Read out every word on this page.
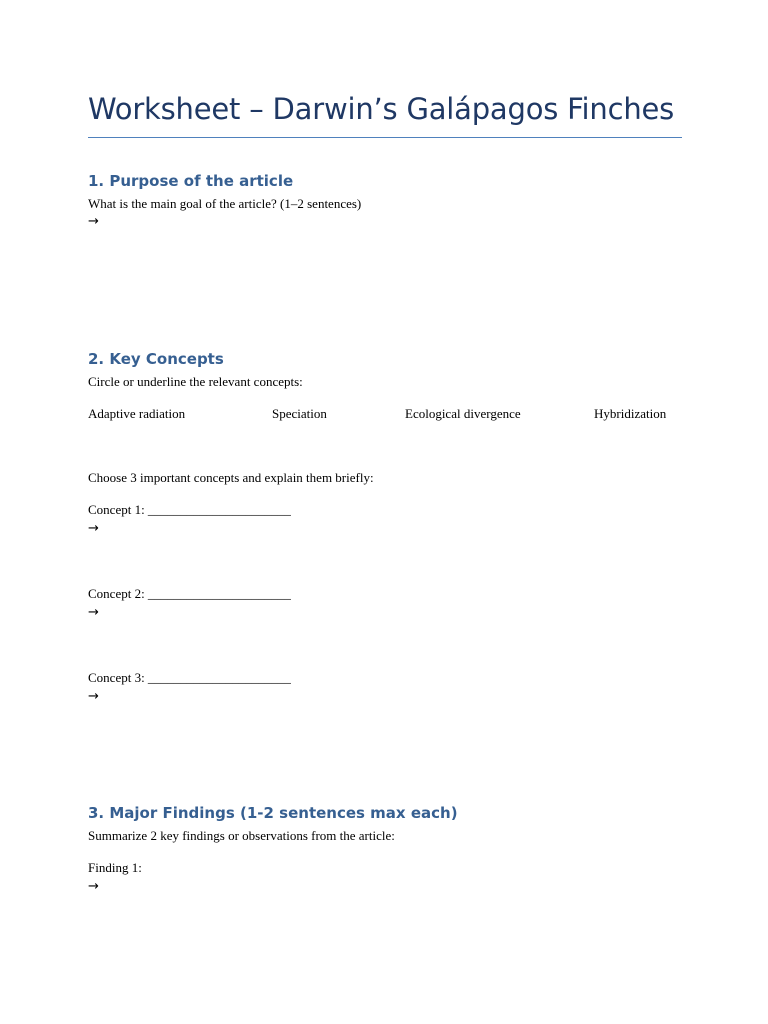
Worksheet – Darwin’s Galápagos Finches
1. Purpose of the article
What is the main goal of the article? (1–2 sentences)
→
2. Key Concepts
Circle or underline the relevant concepts:
Adaptive radiation	Speciation	Ecological divergence	Hybridization
Choose 3 important concepts and explain them briefly:
Concept 1: ______________________
→
Concept 2: ______________________
→
Concept 3: ______________________
→
3. Major Findings (1-2 sentences max each)
Summarize 2 key findings or observations from the article:
Finding 1:
→
